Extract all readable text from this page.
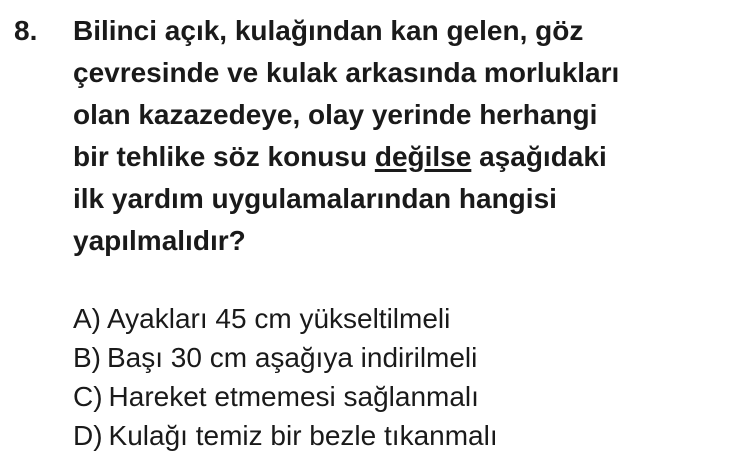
8. Bilinci açık, kulağından kan gelen, göz
çevresinde ve kulak arkasında morlukları
olan kazazedeye, olay yerinde herhangi
bir tehlike söz konusu değilse aşağıdaki
ilk yardım uygulamalarından hangisi
yapılmalıdır?
A) Ayakları 45 cm yükseltilmeli
B) Başı 30 cm aşağıya indirilmeli
C) Hareket etmemesi sağlanmalı
D) Kulağı temiz bir bezle tıkanmalı
